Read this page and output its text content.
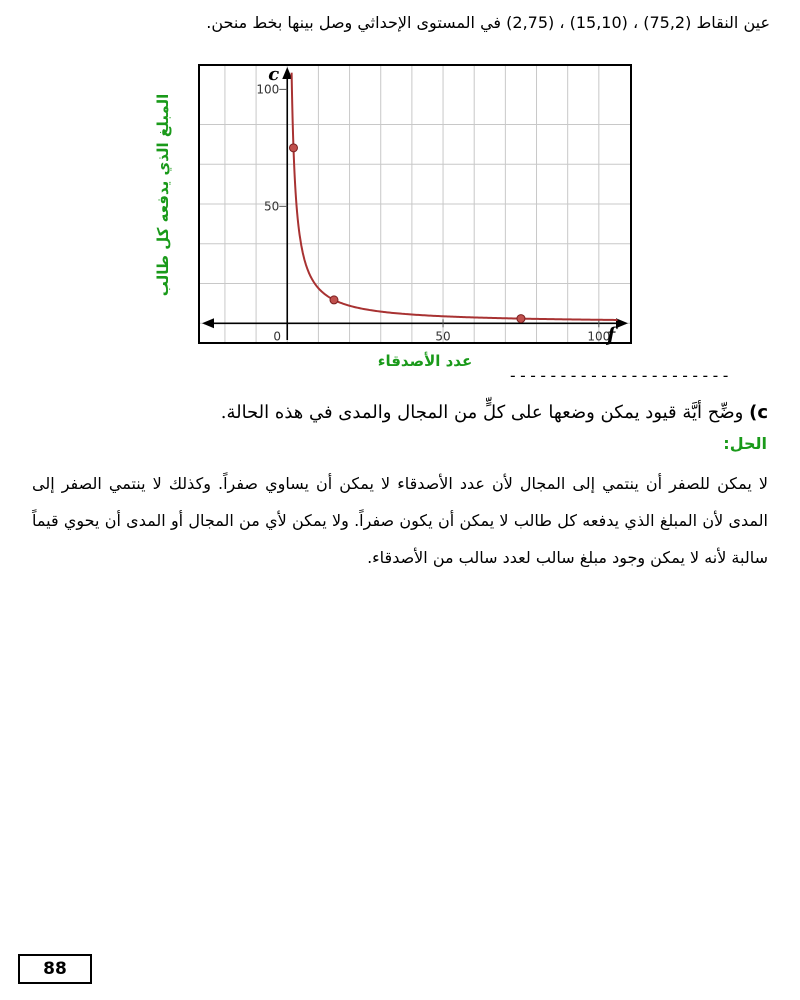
عين النقاط (2,75) ، (15,10) ، (75,2) في المستوى الإحداثي وصل بينها بخط منحن.
50
100
0	50	100
c
f
المبلغ الذي يدفعه كل طالب
عدد الأصدقاء
----------------------
c) وضِّح أيَّة قيود يمكن وضعها على كلٍّ من المجال والمدى في هذه الحالة.
الحل:
لا يمكن للصفر أن ينتمي إلى المجال لأن عدد الأصدقاء لا يمكن أن يساوي صفراً. وكذلك لا ينتمي الصفر إلى المدى لأن المبلغ الذي يدفعه كل طالب لا يمكن أن يكون صفراً. ولا يمكن لأي من المجال أو المدى أن يحوي قيماً سالبة لأنه لا يمكن وجود مبلغ سالب لعدد سالب من الأصدقاء.
88
